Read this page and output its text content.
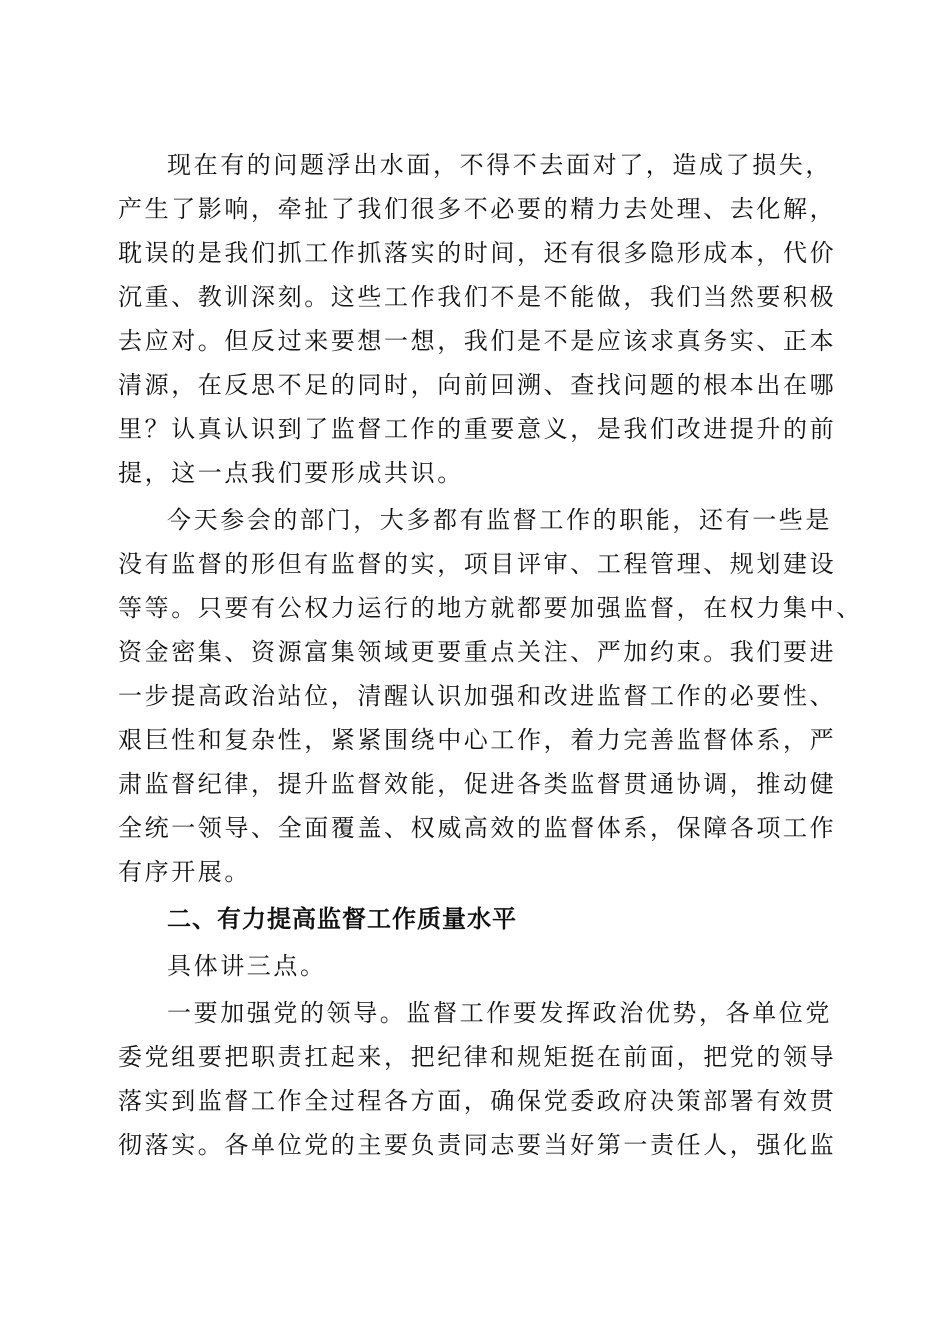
现在有的问题浮出水面，不得不去面对了，造成了损失，

产生了影响，牵扯了我们很多不必要的精力去处理、去化解，

耽误的是我们抓工作抓落实的时间，还有很多隐形成本，代价

沉重、教训深刻。这些工作我们不是不能做，我们当然要积极

去应对。但反过来要想一想，我们是不是应该求真务实、正本

清源，在反思不足的同时，向前回溯、查找问题的根本出在哪

里？认真认识到了监督工作的重要意义，是我们改进提升的前

提，这一点我们要形成共识。

今天参会的部门，大多都有监督工作的职能，还有一些是

没有监督的形但有监督的实，项目评审、工程管理、规划建设

等等。只要有公权力运行的地方就都要加强监督，在权力集中、

资金密集、资源富集领域更要重点关注、严加约束。我们要进

一步提高政治站位，清醒认识加强和改进监督工作的必要性、

艰巨性和复杂性，紧紧围绕中心工作，着力完善监督体系，严

肃监督纪律，提升监督效能，促进各类监督贯通协调，推动健

全统一领导、全面覆盖、权威高效的监督体系，保障各项工作

有序开展。

二、有力提高监督工作质量水平

具体讲三点。

一要加强党的领导。监督工作要发挥政治优势，各单位党

委党组要把职责扛起来，把纪律和规矩挺在前面，把党的领导

落实到监督工作全过程各方面，确保党委政府决策部署有效贯

彻落实。各单位党的主要负责同志要当好第一责任人，强化监
